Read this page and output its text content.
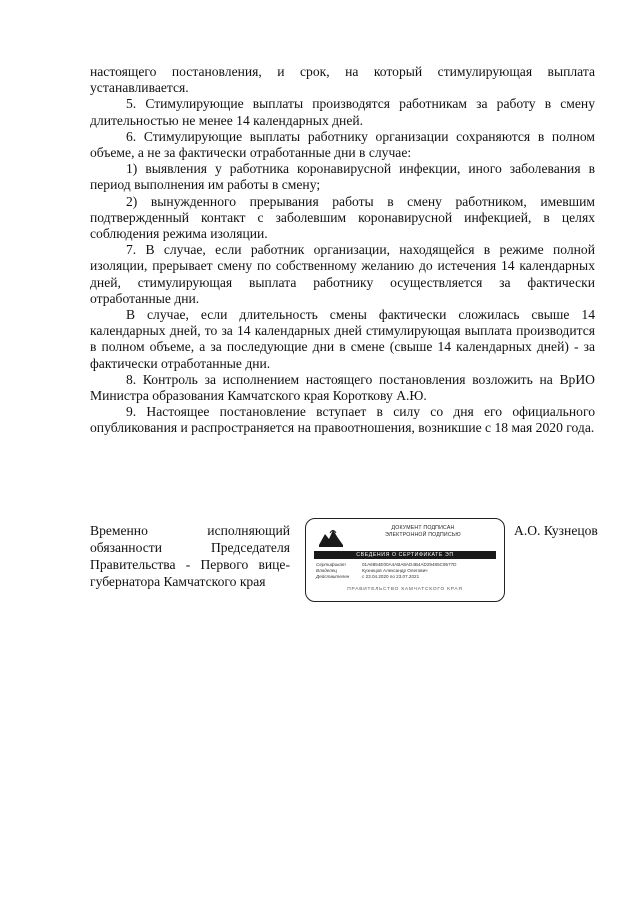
настоящего постановления, и срок, на который стимулирующая выплата устанавливается.

5. Стимулирующие выплаты производятся работникам за работу в смену длительностью не менее 14 календарных дней.

6. Стимулирующие выплаты работнику организации сохраняются в полном объеме, а не за фактически отработанные дни в случае:

1) выявления у работника коронавирусной инфекции, иного заболевания в период выполнения им работы в смену;

2) вынужденного прерывания работы в смену работником, имевшим подтвержденный контакт с заболевшим коронавирусной инфекцией, в целях соблюдения режима изоляции.

7. В случае, если работник организации, находящейся в режиме полной изоляции, прерывает смену по собственному желанию до истечения 14 календарных дней, стимулирующая выплата работнику осуществляется за фактически отработанные дни.

В случае, если длительность смены фактически сложилась свыше 14 календарных дней, то за 14 календарных дней стимулирующая выплата производится в полном объеме, а за последующие дни в смене (свыше 14 календарных дней) - за фактически отработанные дни.

8. Контроль за исполнением настоящего постановления возложить на ВрИО Министра образования Камчатского края Короткову А.Ю.

9. Настоящее постановление вступает в силу со дня его официального опубликования и распространяется на правоотношения, возникшие с 18 мая 2020 года.

Временно исполняющий
обязанности Председателя
Правительства - Первого вице-
губернатора Камчатского края
ДОКУМЕНТ ПОДПИСАН
ЭЛЕКТРОННОЙ ПОДПИСЬЮ
СВЕДЕНИЯ О СЕРТИФИКАТЕ ЭП
Сертификат	01A6854E00A4ABA8AD4B4AD29485C9577D
Владелец	Кузнецов Александр Олегович
Действителен	с 23.04.2020 по 23.07.2021
ПРАВИТЕЛЬСТВО КАМЧАТСКОГО КРАЯ
А.О. Кузнецов
